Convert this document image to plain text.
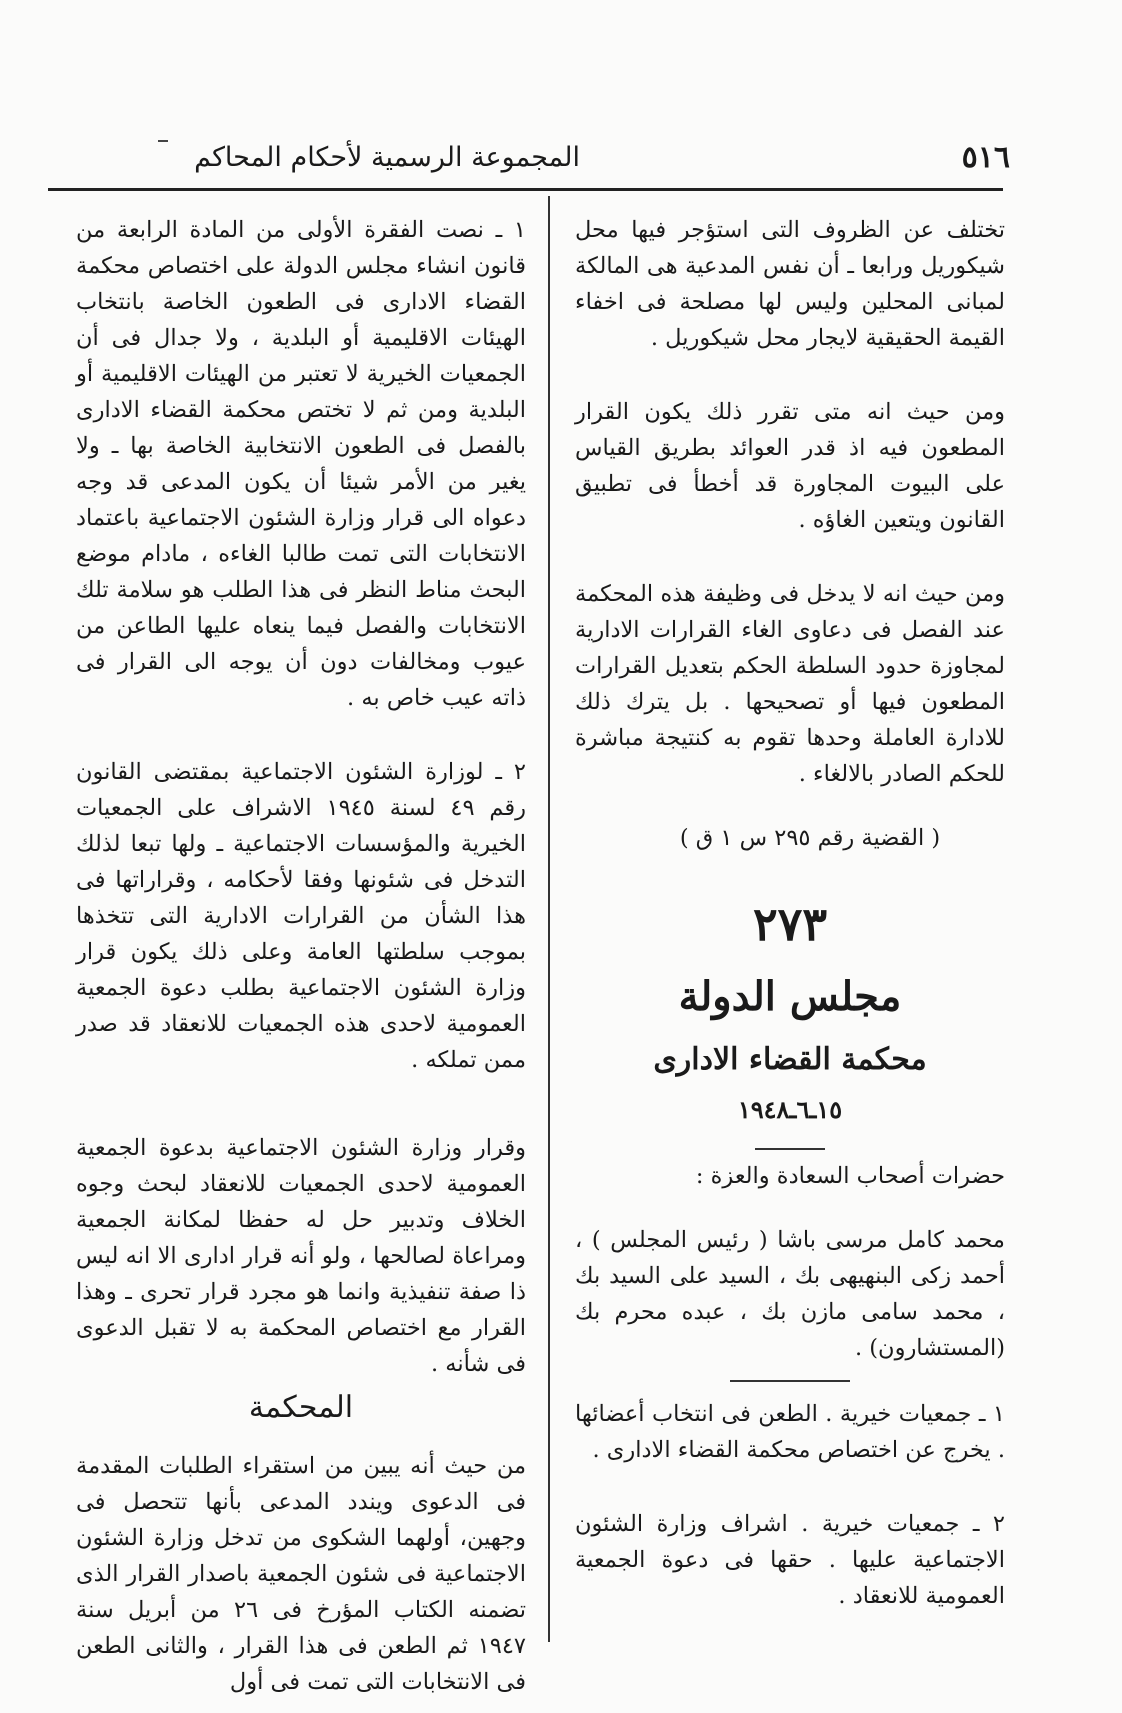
٥١٦
المجموعة الرسمية لأحكام المحاكم

تختلف عن الظروف التى استؤجر فيها محل شيكوريل ورابعا ـ أن نفس المدعية هى المالكة لمبانى المحلين وليس لها مصلحة فى اخفاء القيمة الحقيقية لايجار محل شيكوريل .

ومن حيث انه متى تقرر ذلك يكون القرار المطعون فيه اذ قدر العوائد بطريق القياس على البيوت المجاورة قد أخطأ فى تطبيق القانون ويتعين الغاؤه .

ومن حيث انه لا يدخل فى وظيفة هذه المحكمة عند الفصل فى دعاوى الغاء القرارات الادارية لمجاوزة حدود السلطة الحكم بتعديل القرارات المطعون فيها أو تصحيحها . بل يترك ذلك للادارة العاملة وحدها تقوم به كنتيجة مباشرة للحكم الصادر بالالغاء .

( القضية رقم ٢٩٥ س ١ ق )

٢٧٣
مجلس الدولة
محكمة القضاء الادارى
١٥ـ٦ـ١٩٤٨

حضرات أصحاب السعادة والعزة :

محمد كامل مرسى باشا ( رئيس المجلس ) ، أحمد زكى البنهيهى بك ، السيد على السيد بك ، محمد سامى مازن بك ، عبده محرم بك (المستشارون) .

١ ـ جمعيات خيرية . الطعن فى انتخاب أعضائها . يخرج عن اختصاص محكمة القضاء الادارى .

٢ ـ جمعيات خيرية . اشراف وزارة الشئون الاجتماعية عليها . حقها فى دعوة الجمعية العمومية للانعقاد .

١ ـ نصت الفقرة الأولى من المادة الرابعة من قانون انشاء مجلس الدولة على اختصاص محكمة القضاء الادارى فى الطعون الخاصة بانتخاب الهيئات الاقليمية أو البلدية ، ولا جدال فى أن الجمعيات الخيرية لا تعتبر من الهيئات الاقليمية أو البلدية ومن ثم لا تختص محكمة القضاء الادارى بالفصل فى الطعون الانتخابية الخاصة بها ـ ولا يغير من الأمر شيئا أن يكون المدعى قد وجه دعواه الى قرار وزارة الشئون الاجتماعية باعتماد الانتخابات التى تمت طالبا الغاءه ، مادام موضع البحث مناط النظر فى هذا الطلب هو سلامة تلك الانتخابات والفصل فيما ينعاه عليها الطاعن من عيوب ومخالفات دون أن يوجه الى القرار فى ذاته عيب خاص به .

٢ ـ لوزارة الشئون الاجتماعية بمقتضى القانون رقم ٤٩ لسنة ١٩٤٥ الاشراف على الجمعيات الخيرية والمؤسسات الاجتماعية ـ ولها تبعا لذلك التدخل فى شئونها وفقا لأحكامه ، وقراراتها فى هذا الشأن من القرارات الادارية التى تتخذها بموجب سلطتها العامة وعلى ذلك يكون قرار وزارة الشئون الاجتماعية بطلب دعوة الجمعية العمومية لاحدى هذه الجمعيات للانعقاد قد صدر ممن تملكه .

وقرار وزارة الشئون الاجتماعية بدعوة الجمعية العمومية لاحدى الجمعيات للانعقاد لبحث وجوه الخلاف وتدبير حل له حفظا لمكانة الجمعية ومراعاة لصالحها ، ولو أنه قرار ادارى الا انه ليس ذا صفة تنفيذية وانما هو مجرد قرار تحرى ـ وهذا القرار مع اختصاص المحكمة به لا تقبل الدعوى فى شأنه .

المحكمة

من حيث أنه يبين من استقراء الطلبات المقدمة فى الدعوى ويندد المدعى بأنها تتحصل فى وجهين، أولهما الشكوى من تدخل وزارة الشئون الاجتماعية فى شئون الجمعية باصدار القرار الذى تضمنه الكتاب المؤرخ فى ٢٦ من أبريل سنة ١٩٤٧ ثم الطعن فى هذا القرار ، والثانى الطعن فى الانتخابات التى تمت فى أول
